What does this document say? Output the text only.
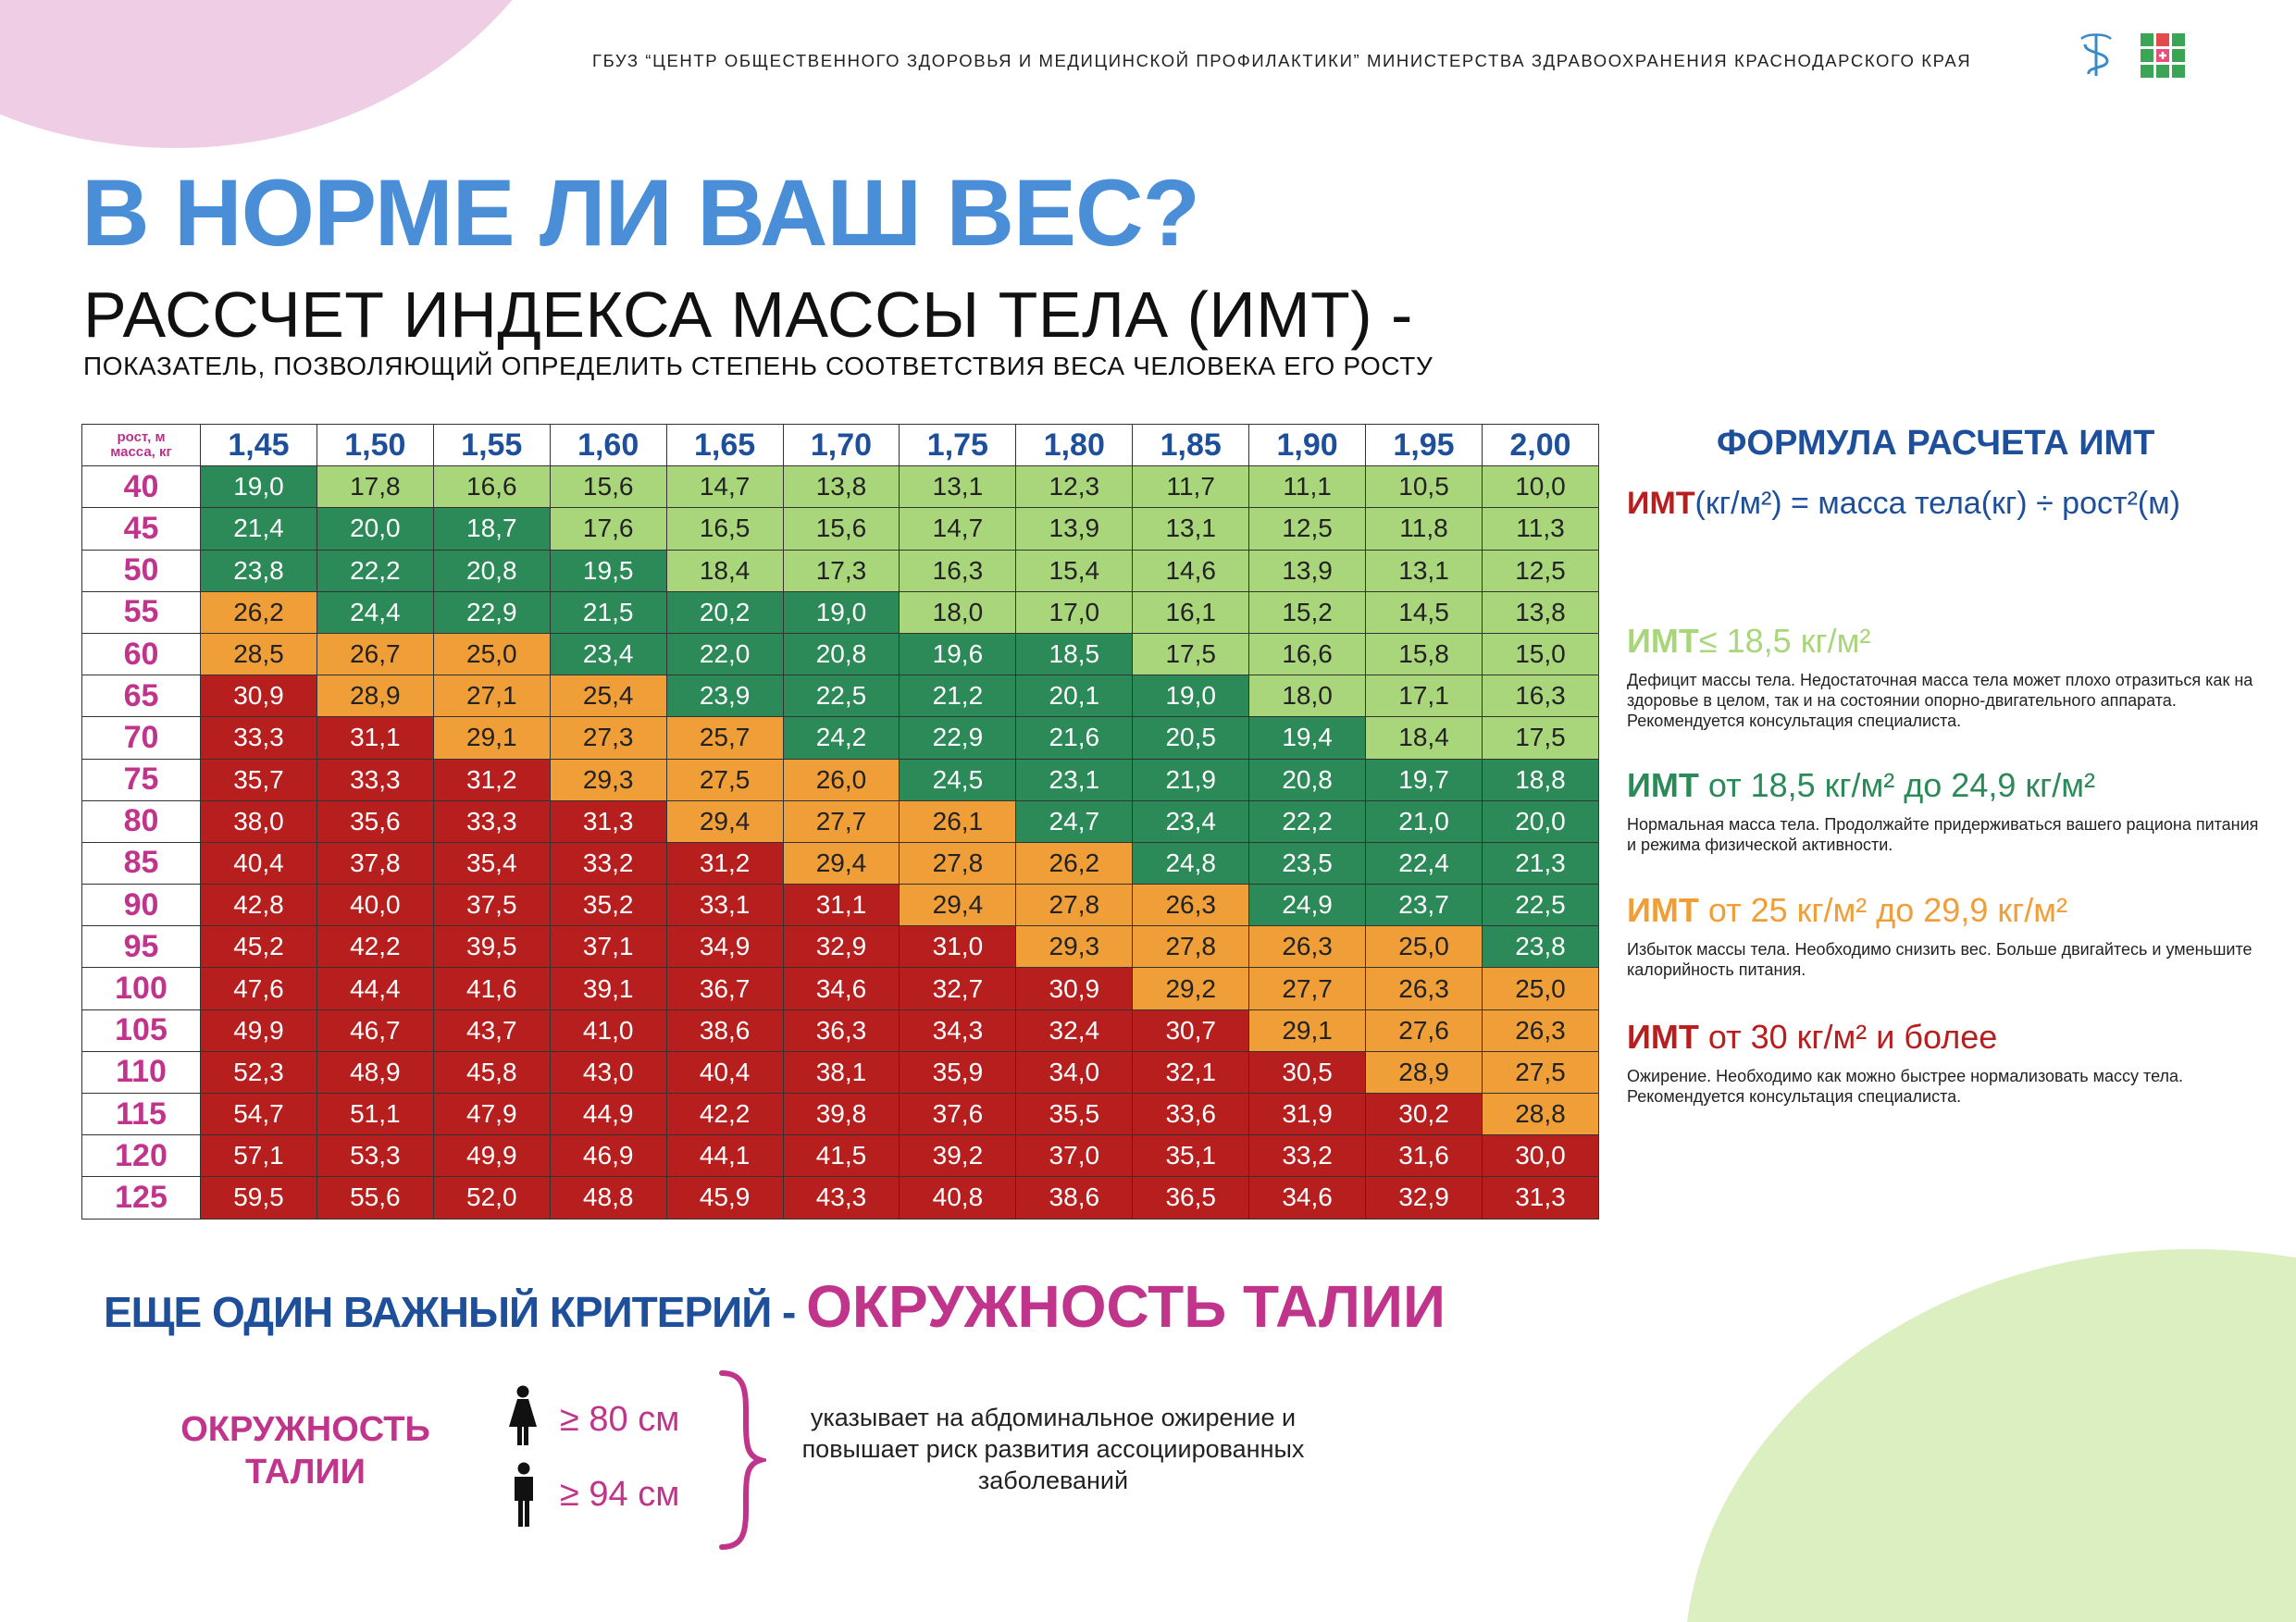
ГБУЗ “ЦЕНТР ОБЩЕСТВЕННОГО ЗДОРОВЬЯ И МЕДИЦИНСКОЙ ПРОФИЛАКТИКИ” МИНИСТЕРСТВА ЗДРАВООХРАНЕНИЯ КРАСНОДАРСКОГО КРАЯ
В НОРМЕ ЛИ ВАШ ВЕС?
РАССЧЕТ ИНДЕКСА МАССЫ ТЕЛА (ИМТ) -
ПОКАЗАТЕЛЬ, ПОЗВОЛЯЮЩИЙ ОПРЕДЕЛИТЬ СТЕПЕНЬ СООТВЕТСТВИЯ ВЕСА ЧЕЛОВЕКА ЕГО РОСТУ
рост, м
масса, кг	1,45	1,50	1,55	1,60	1,65	1,70	1,75	1,80	1,85	1,90	1,95	2,00
40	19,0	17,8	16,6	15,6	14,7	13,8	13,1	12,3	11,7	11,1	10,5	10,0
45	21,4	20,0	18,7	17,6	16,5	15,6	14,7	13,9	13,1	12,5	11,8	11,3
50	23,8	22,2	20,8	19,5	18,4	17,3	16,3	15,4	14,6	13,9	13,1	12,5
55	26,2	24,4	22,9	21,5	20,2	19,0	18,0	17,0	16,1	15,2	14,5	13,8
60	28,5	26,7	25,0	23,4	22,0	20,8	19,6	18,5	17,5	16,6	15,8	15,0
65	30,9	28,9	27,1	25,4	23,9	22,5	21,2	20,1	19,0	18,0	17,1	16,3
70	33,3	31,1	29,1	27,3	25,7	24,2	22,9	21,6	20,5	19,4	18,4	17,5
75	35,7	33,3	31,2	29,3	27,5	26,0	24,5	23,1	21,9	20,8	19,7	18,8
80	38,0	35,6	33,3	31,3	29,4	27,7	26,1	24,7	23,4	22,2	21,0	20,0
85	40,4	37,8	35,4	33,2	31,2	29,4	27,8	26,2	24,8	23,5	22,4	21,3
90	42,8	40,0	37,5	35,2	33,1	31,1	29,4	27,8	26,3	24,9	23,7	22,5
95	45,2	42,2	39,5	37,1	34,9	32,9	31,0	29,3	27,8	26,3	25,0	23,8
100	47,6	44,4	41,6	39,1	36,7	34,6	32,7	30,9	29,2	27,7	26,3	25,0
105	49,9	46,7	43,7	41,0	38,6	36,3	34,3	32,4	30,7	29,1	27,6	26,3
110	52,3	48,9	45,8	43,0	40,4	38,1	35,9	34,0	32,1	30,5	28,9	27,5
115	54,7	51,1	47,9	44,9	42,2	39,8	37,6	35,5	33,6	31,9	30,2	28,8
120	57,1	53,3	49,9	46,9	44,1	41,5	39,2	37,0	35,1	33,2	31,6	30,0
125	59,5	55,6	52,0	48,8	45,9	43,3	40,8	38,6	36,5	34,6	32,9	31,3
ФОРМУЛА РАСЧЕТА ИМТ
ИМТ(кг/м²) = масса тела(кг) ÷ рост²(м)
ИМТ≤ 18,5 кг/м²
Дефицит массы тела. Недостаточная масса тела может плохо отразиться как на здоровье в целом, так и на состоянии опорно-двигательного аппарата. Рекомендуется консультация специалиста.
ИМТ от 18,5 кг/м² до 24,9 кг/м²
Нормальная масса тела. Продолжайте придерживаться вашего рациона питания и режима физической активности.
ИМТ от 25 кг/м² до 29,9 кг/м²
Избыток массы тела. Необходимо снизить вес. Больше двигайтесь и уменьшите калорийность питания.
ИМТ от 30 кг/м² и более
Ожирение. Необходимо как можно быстрее нормализовать массу тела. Рекомендуется консультация специалиста.
ЕЩЕ ОДИН ВАЖНЫЙ КРИТЕРИЙ - ОКРУЖНОСТЬ ТАЛИИ
ОКРУЖНОСТЬ
ТАЛИИ
≥ 80 см
≥ 94 см
указывает на абдоминальное ожирение и повышает риск развития ассоциированных заболеваний
